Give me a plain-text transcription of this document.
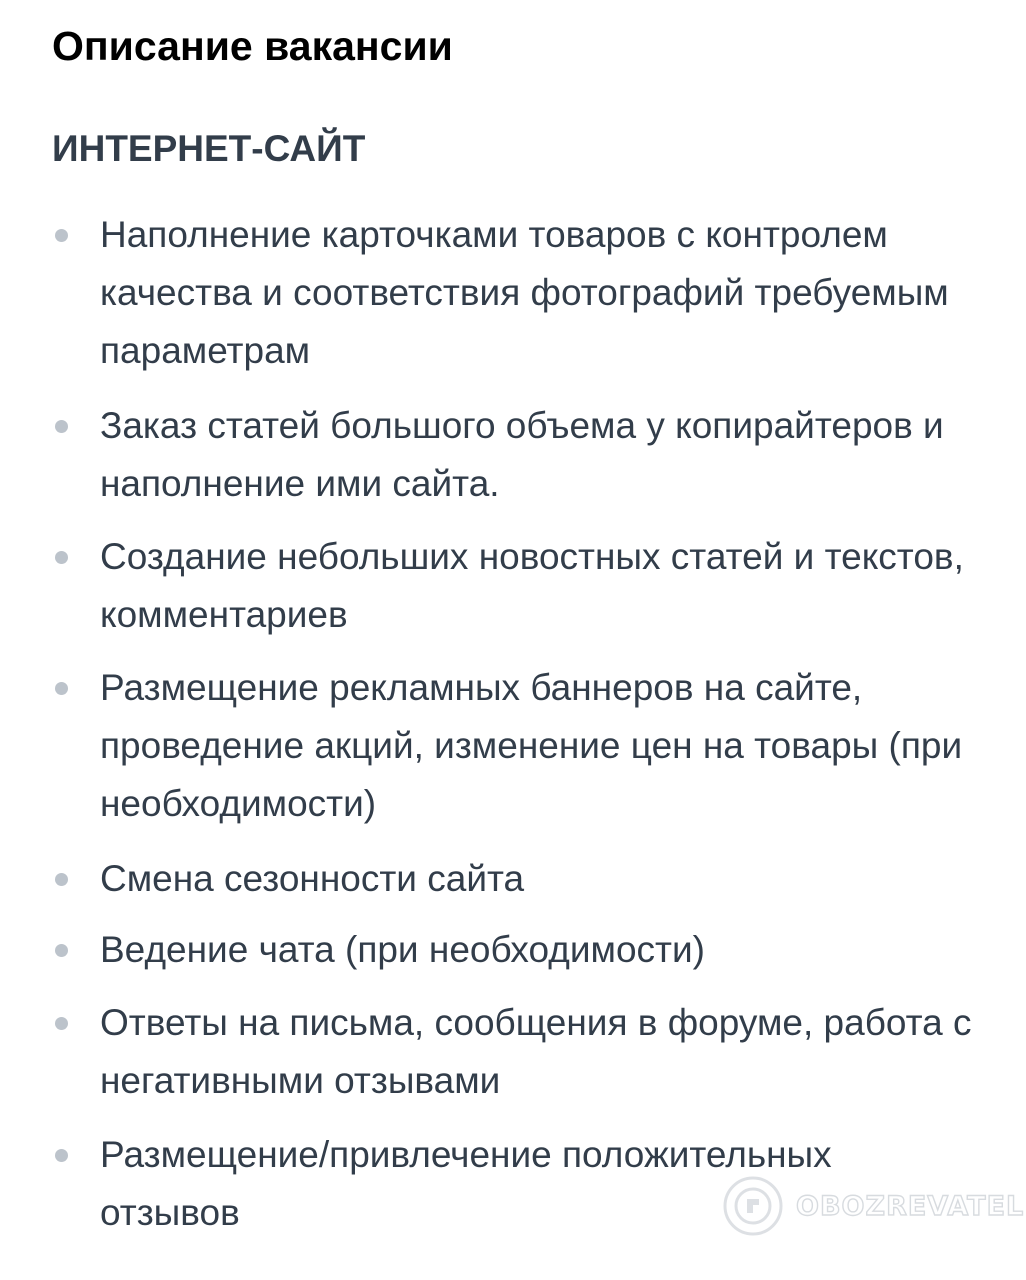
Описание вакансии
ИНТЕРНЕТ-САЙТ
Наполнение карточками товаров с контролем качества и соответствия фотографий требуемым параметрам
Заказ статей большого объема у копирайтеров и наполнение ими сайта.
Создание небольших новостных статей и текстов, комментариев
Размещение рекламных баннеров на сайте, проведение акций, изменение цен на товары (при необходимости)
Смена сезонности сайта
Ведение чата (при необходимости)
Ответы на письма, сообщения в форуме, работа с негативными отзывами
Размещение/привлечение положительных отзывов	OBOZREVATEL
